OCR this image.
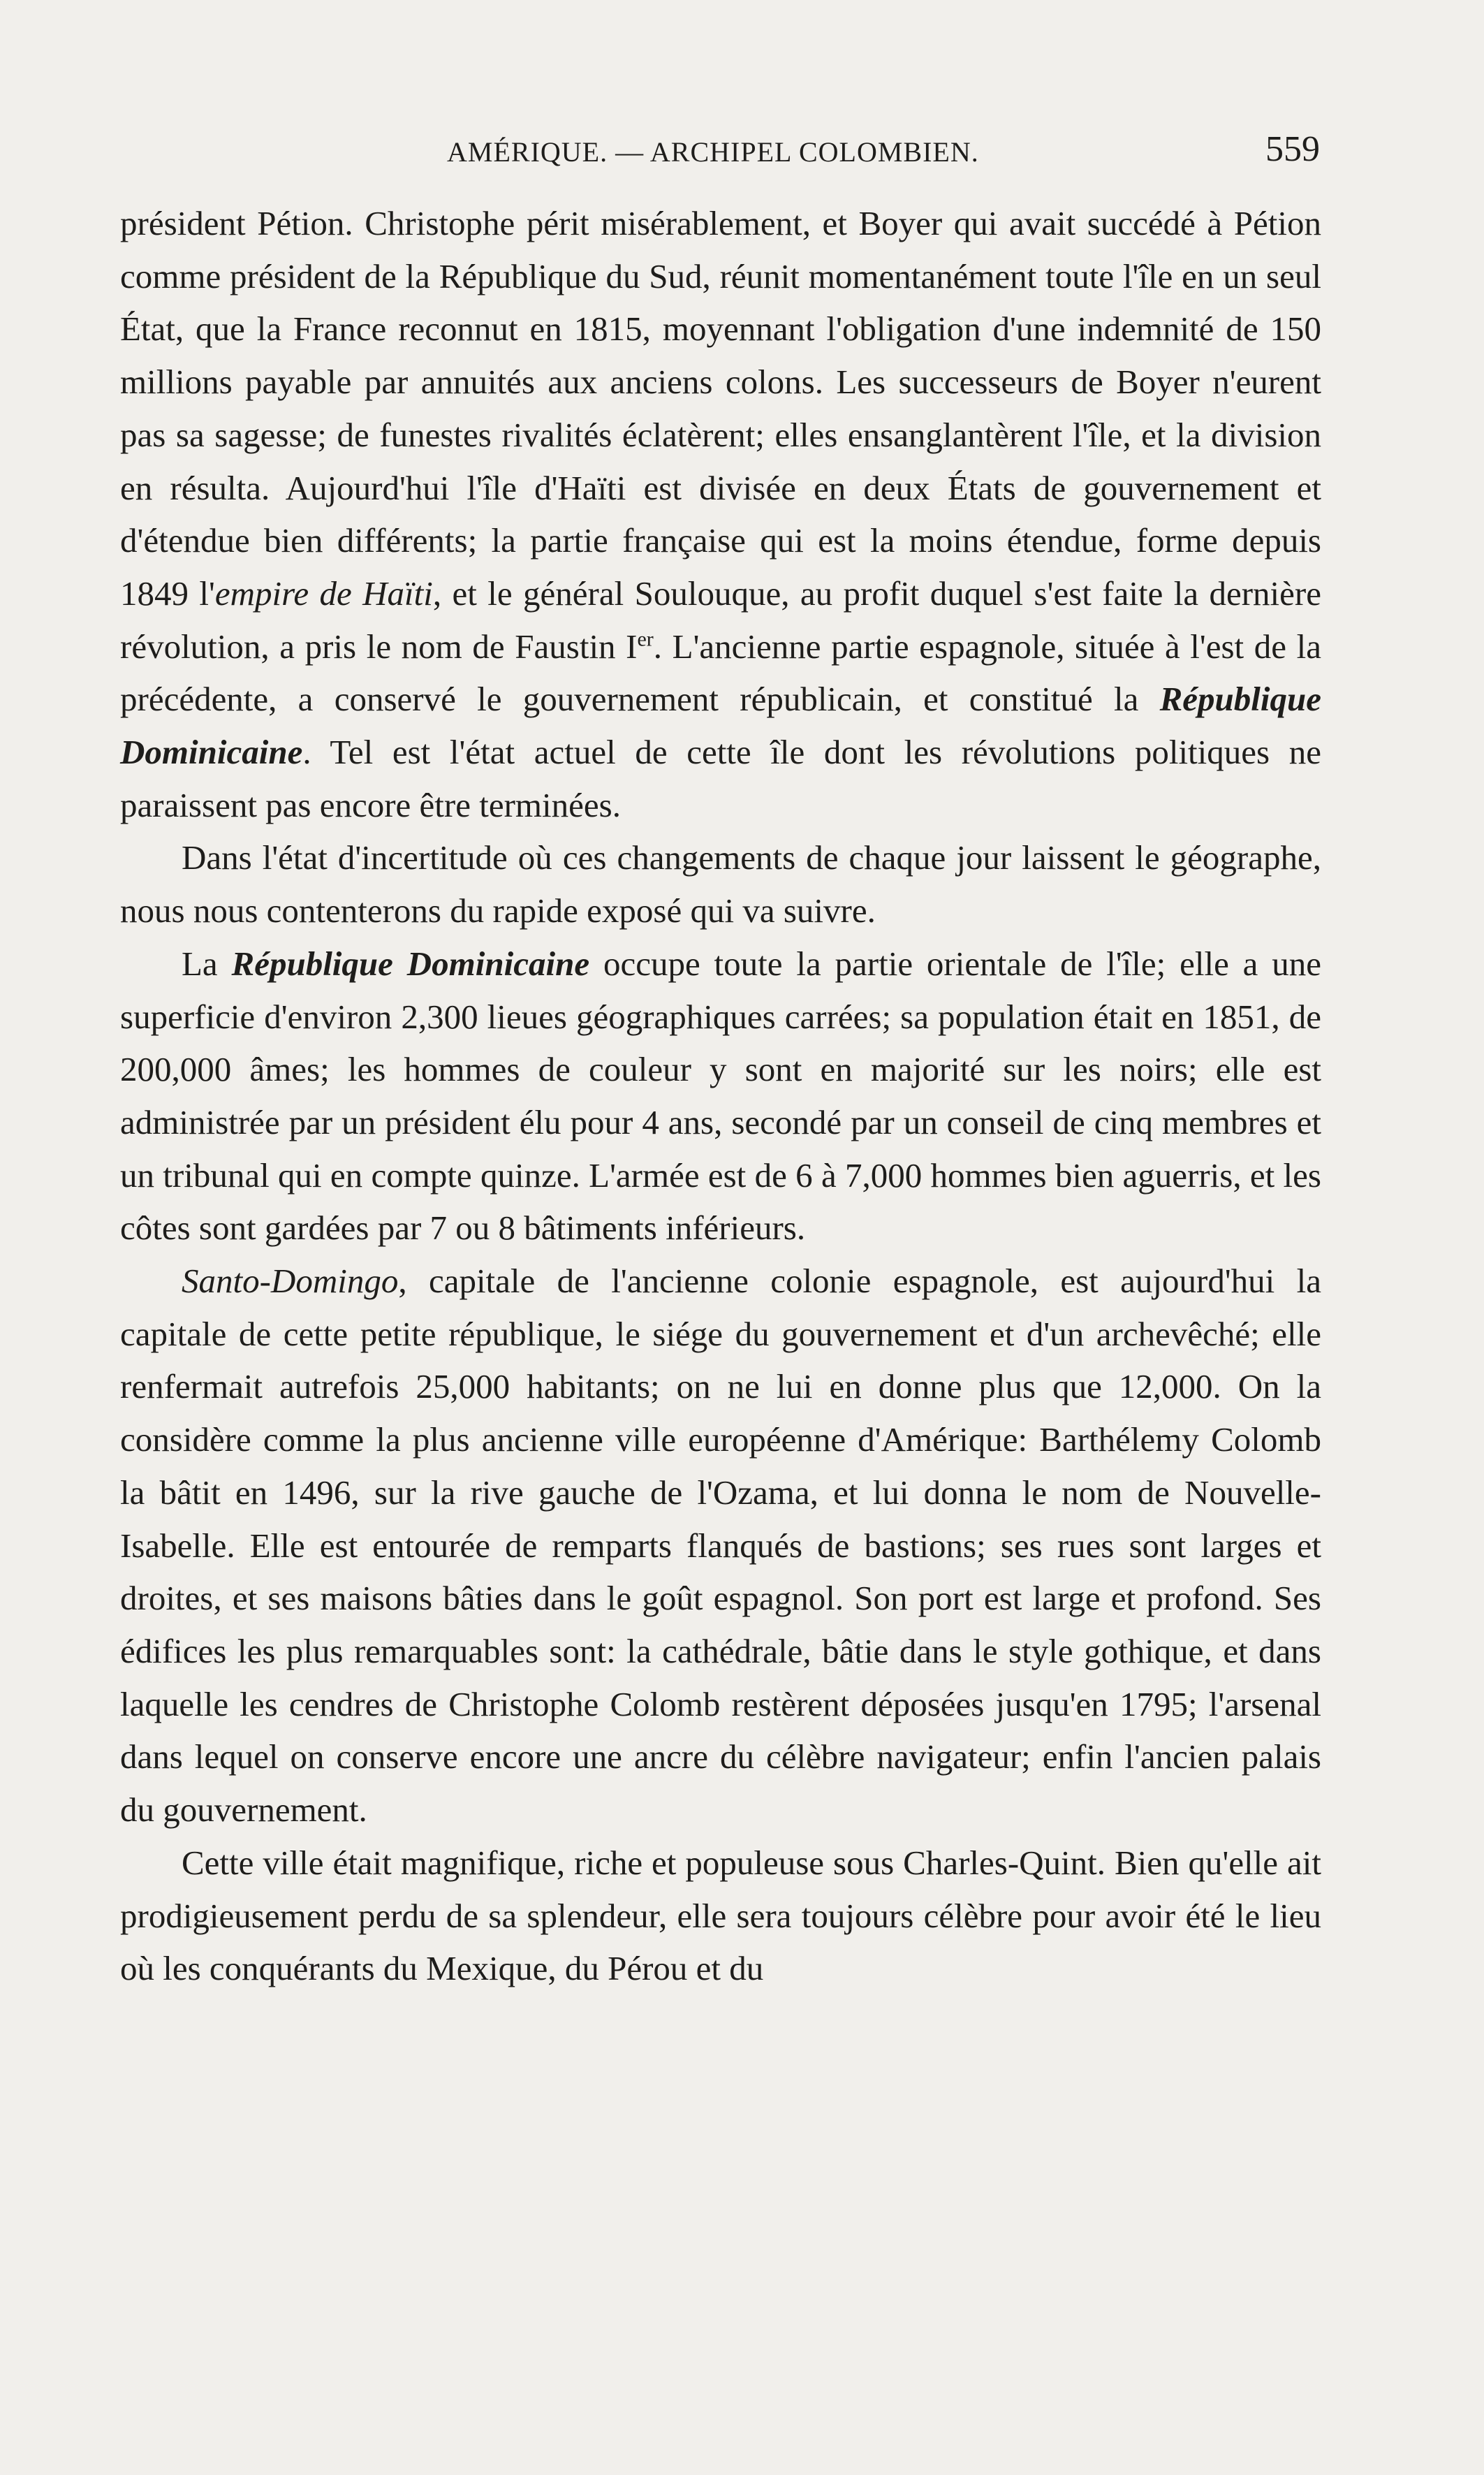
AMÉRIQUE. — ARCHIPEL COLOMBIEN.	559

président Pétion. Christophe périt misérablement, et Boyer qui avait succédé à Pétion comme président de la République du Sud, réunit momentanément toute l'île en un seul État, que la France reconnut en 1815, moyennant l'obligation d'une indemnité de 150 millions payable par annuités aux anciens colons. Les successeurs de Boyer n'eurent pas sa sagesse; de funestes rivalités éclatèrent; elles ensanglantèrent l'île, et la division en résulta. Aujourd'hui l'île d'Haïti est divisée en deux États de gouvernement et d'étendue bien différents; la partie française qui est la moins étendue, forme depuis 1849 l'empire de Haïti, et le général Soulouque, au profit duquel s'est faite la dernière révolution, a pris le nom de Faustin Ier. L'ancienne partie espagnole, située à l'est de la précédente, a conservé le gouvernement républicain, et constitué la République Dominicaine. Tel est l'état actuel de cette île dont les révolutions politiques ne paraissent pas encore être terminées.

Dans l'état d'incertitude où ces changements de chaque jour laissent le géographe, nous nous contenterons du rapide exposé qui va suivre.

La République Dominicaine occupe toute la partie orientale de l'île; elle a une superficie d'environ 2,300 lieues géographiques carrées; sa population était en 1851, de 200,000 âmes; les hommes de couleur y sont en majorité sur les noirs; elle est administrée par un président élu pour 4 ans, secondé par un conseil de cinq membres et un tribunal qui en compte quinze. L'armée est de 6 à 7,000 hommes bien aguerris, et les côtes sont gardées par 7 ou 8 bâtiments inférieurs.

Santo-Domingo, capitale de l'ancienne colonie espagnole, est aujourd'hui la capitale de cette petite république, le siége du gouvernement et d'un archevêché; elle renfermait autrefois 25,000 habitants; on ne lui en donne plus que 12,000. On la considère comme la plus ancienne ville européenne d'Amérique: Barthélemy Colomb la bâtit en 1496, sur la rive gauche de l'Ozama, et lui donna le nom de Nouvelle-Isabelle. Elle est entourée de remparts flanqués de bastions; ses rues sont larges et droites, et ses maisons bâties dans le goût espagnol. Son port est large et profond. Ses édifices les plus remarquables sont: la cathédrale, bâtie dans le style gothique, et dans laquelle les cendres de Christophe Colomb restèrent déposées jusqu'en 1795; l'arsenal dans lequel on conserve encore une ancre du célèbre navigateur; enfin l'ancien palais du gouvernement.

Cette ville était magnifique, riche et populeuse sous Charles-Quint. Bien qu'elle ait prodigieusement perdu de sa splendeur, elle sera toujours célèbre pour avoir été le lieu où les conquérants du Mexique, du Pérou et du
